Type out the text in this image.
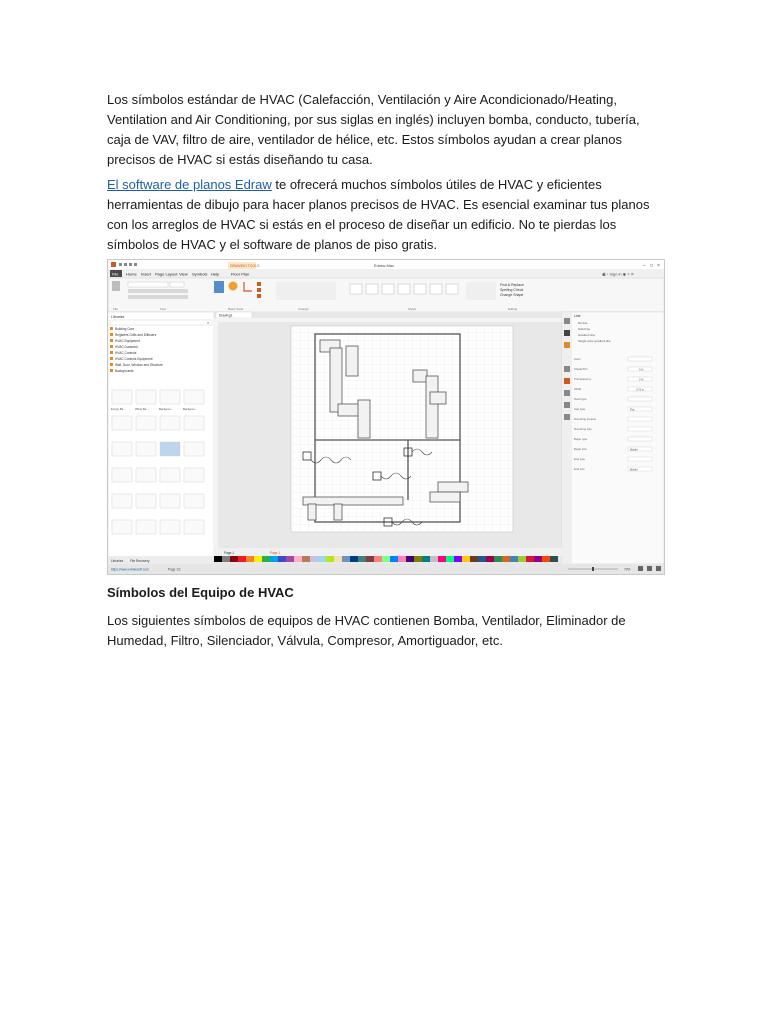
Los símbolos estándar de HVAC (Calefacción, Ventilación y Aire Acondicionado/Heating, Ventilation and Air Conditioning, por sus siglas en inglés) incluyen bomba, conducto, tubería, caja de VAV, filtro de aire, ventilador de hélice, etc. Estos símbolos ayudan a crear planos precisos de HVAC si estás diseñando tu casa.
El software de planos Edraw te ofrecerá muchos símbolos útiles de HVAC y eficientes herramientas de dibujo para hacer planos precisos de HVAC. Es esencial examinar tus planos con los arreglos de HVAC si estás en el proceso de diseñar un edificio. No te pierdas los símbolos de HVAC y el software de planos de piso gratis.
Edraw Max	– □ ×
DRAWING TOOLS
File Home Insert Page Layout View Symbols Help	Floor Plan	▣ ‹ Sign in ◉ ? ✕
Find & Replace
Spelling Check
Change Shape
File	Font	Basic Tools	Arrange	Styles	Editing
Libraries
⌕
Building Core
Registers Grills and Diffusers
HVAC Equipment
HVAC Ductwork
HVAC Controls
HVAC Controls Equipment
Wall, Door, Window and Structure
Backgrounds
Empty Ba...	White Ba...	Backgrou...	Backgrou...
Libraries File Recovery
Drawing1	Line
No line
Solid line
Gradient line
Single color gradient line
Color
Shade/Tint
Transparency
Width
Dash type
Cap type
Rounding presets
Rounding size
Begin type
Begin size
End type
End size
0 %
0 %
0.75 pt
Flat
Middle
Middle
Page-1	Page-1
https://www.edrawsoft.com	Page 1/1	70%
Símbolos del Equipo de HVAC
Los siguientes símbolos de equipos de HVAC contienen Bomba, Ventilador, Eliminador de Humedad, Filtro, Silenciador, Válvula, Compresor, Amortiguador, etc.
